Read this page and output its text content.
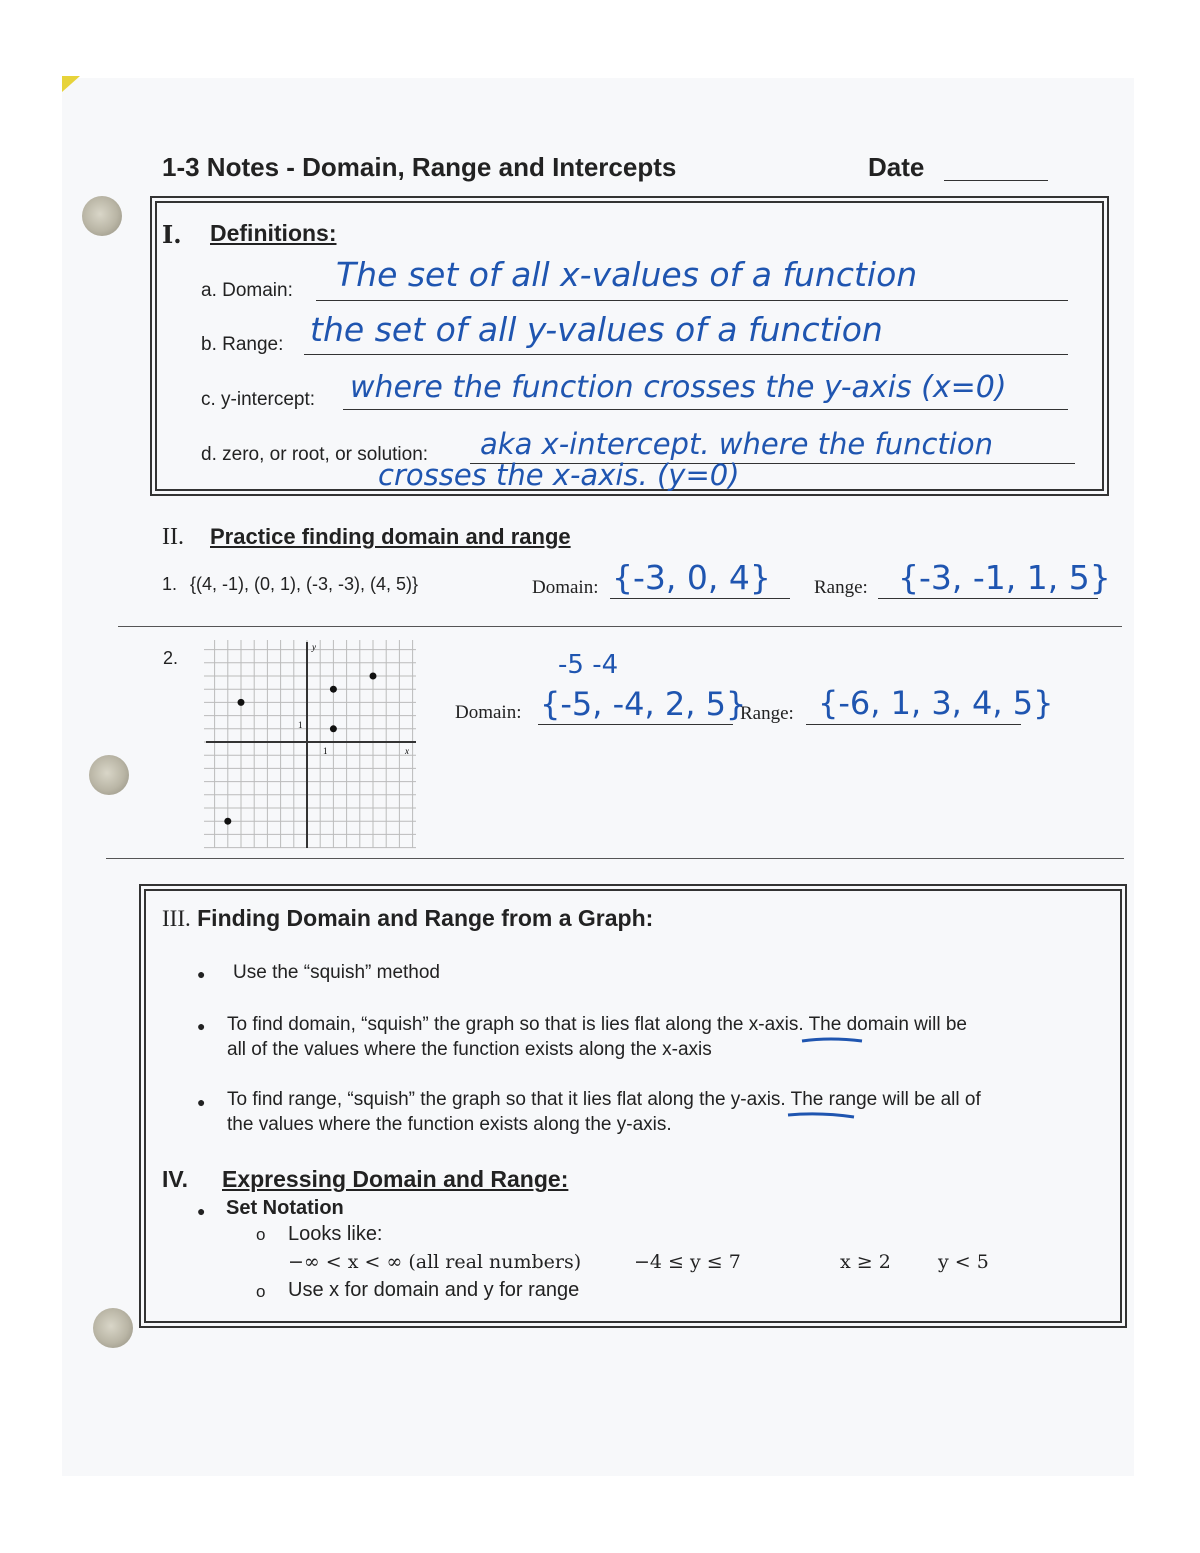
1-3 Notes - Domain, Range and Intercepts	Date
I. Definitions:
a. Domain: The set of all x-values of a function
b. Range: the set of all y-values of a function
c. y-intercept: where the function crosses the y-axis (x=0)
d. zero, or root, or solution: aka x-intercept. where the function
crosses the x-axis. (y=0)
II. Practice finding domain and range
1. {(4, -1), (0, 1), (-3, -3), (4, 5)}	Domain: {-3, 0, 4} Range: {-3, -1, 1, 5}
2.
y
x
1
1
Domain:
-5 -4
{-5, -4, 2, 5}
Range: {-6, 1, 3, 4, 5}
III. Finding Domain and Range from a Graph:
● Use the “squish” method
● To find domain, “squish” the graph so that is lies flat along the x-axis. The domain will be
all of the values where the function exists along the x-axis
● To find range, “squish” the graph so that it lies flat along the y-axis. The range will be all of
the values where the function exists along the y-axis.
IV. Expressing Domain and Range:
● Set Notation
o Looks like:
−∞ < x < ∞ (all real numbers)	−4 ≤ y ≤ 7	x ≥ 2 y < 5
o Use x for domain and y for range
